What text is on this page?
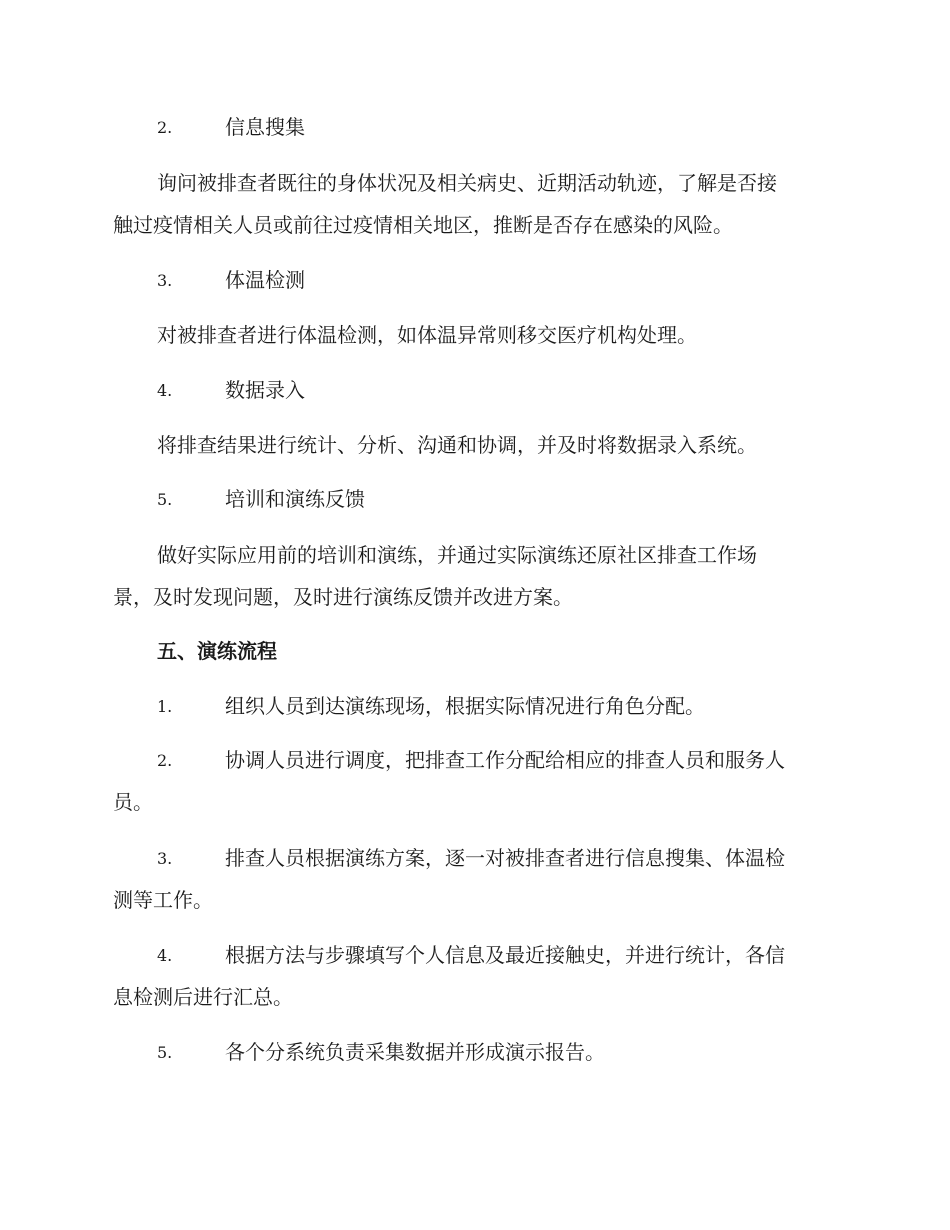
2.	信息搜集
询问被排查者既往的身体状况及相关病史、近期活动轨迹，了解是否接
触过疫情相关人员或前往过疫情相关地区，推断是否存在感染的风险。
3.	体温检测
对被排查者进行体温检测，如体温异常则移交医疗机构处理。
4.	数据录入
将排查结果进行统计、分析、沟通和协调，并及时将数据录入系统。
5.	培训和演练反馈
做好实际应用前的培训和演练，并通过实际演练还原社区排查工作场
景，及时发现问题，及时进行演练反馈并改进方案。
五、演练流程
1.	组织人员到达演练现场，根据实际情况进行角色分配。
2.	协调人员进行调度，把排查工作分配给相应的排查人员和服务人
员。
3.	排查人员根据演练方案，逐一对被排查者进行信息搜集、体温检
测等工作。
4.	根据方法与步骤填写个人信息及最近接触史，并进行统计，各信
息检测后进行汇总。
5.	各个分系统负责采集数据并形成演示报告。
